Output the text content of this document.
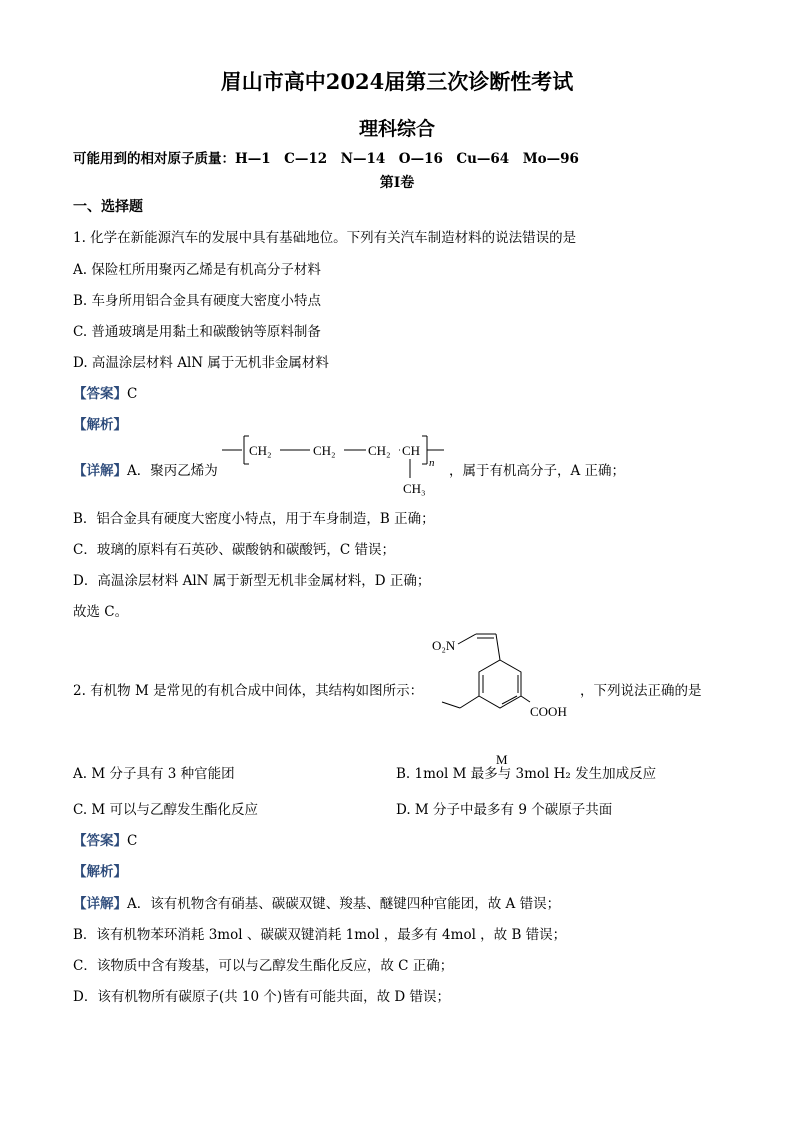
眉山市高中2024届第三次诊断性考试
理科综合
可能用到的相对原子质量：H—1　C—12　N—14　O—16　Cu—64　Mo—96
第Ⅰ卷
一、选择题
1. 化学在新能源汽车的发展中具有基础地位。下列有关汽车制造材料的说法错误的是
A. 保险杠所用聚丙乙烯是有机高分子材料
B. 车身所用铝合金具有硬度大密度小特点
C. 普通玻璃是用黏土和碳酸钠等原料制备
D. 高温涂层材料 AlN 属于无机非金属材料
【答案】C
【解析】
【详解】A．聚丙乙烯为
CH₂	CH₂ CH₂ CH
n
CH₃
，属于有机高分子，A 正确；
B．铝合金具有硬度大密度小特点，用于车身制造，B 正确；
C．玻璃的原料有石英砂、碳酸钠和碳酸钙，C 错误；
D．高温涂层材料 AlN 属于新型无机非金属材料，D 正确；
故选 C。
2. 有机物 M 是常见的有机合成中间体，其结构如图所示：
O₂N
COOH
M
，下列说法正确的是
A. M 分子具有 3 种官能团	B. 1mol M 最多与 3mol H₂ 发生加成反应
C. M 可以与乙醇发生酯化反应	D. M 分子中最多有 9 个碳原子共面
【答案】C
【解析】
【详解】A．该有机物含有硝基、碳碳双键、羧基、醚键四种官能团，故 A 错误；
B．该有机物苯环消耗 3mol 、碳碳双键消耗 1mol ，最多有 4mol ，故 B 错误；
C．该物质中含有羧基，可以与乙醇发生酯化反应，故 C 正确；
D．该有机物所有碳原子(共 10 个)皆有可能共面，故 D 错误；
